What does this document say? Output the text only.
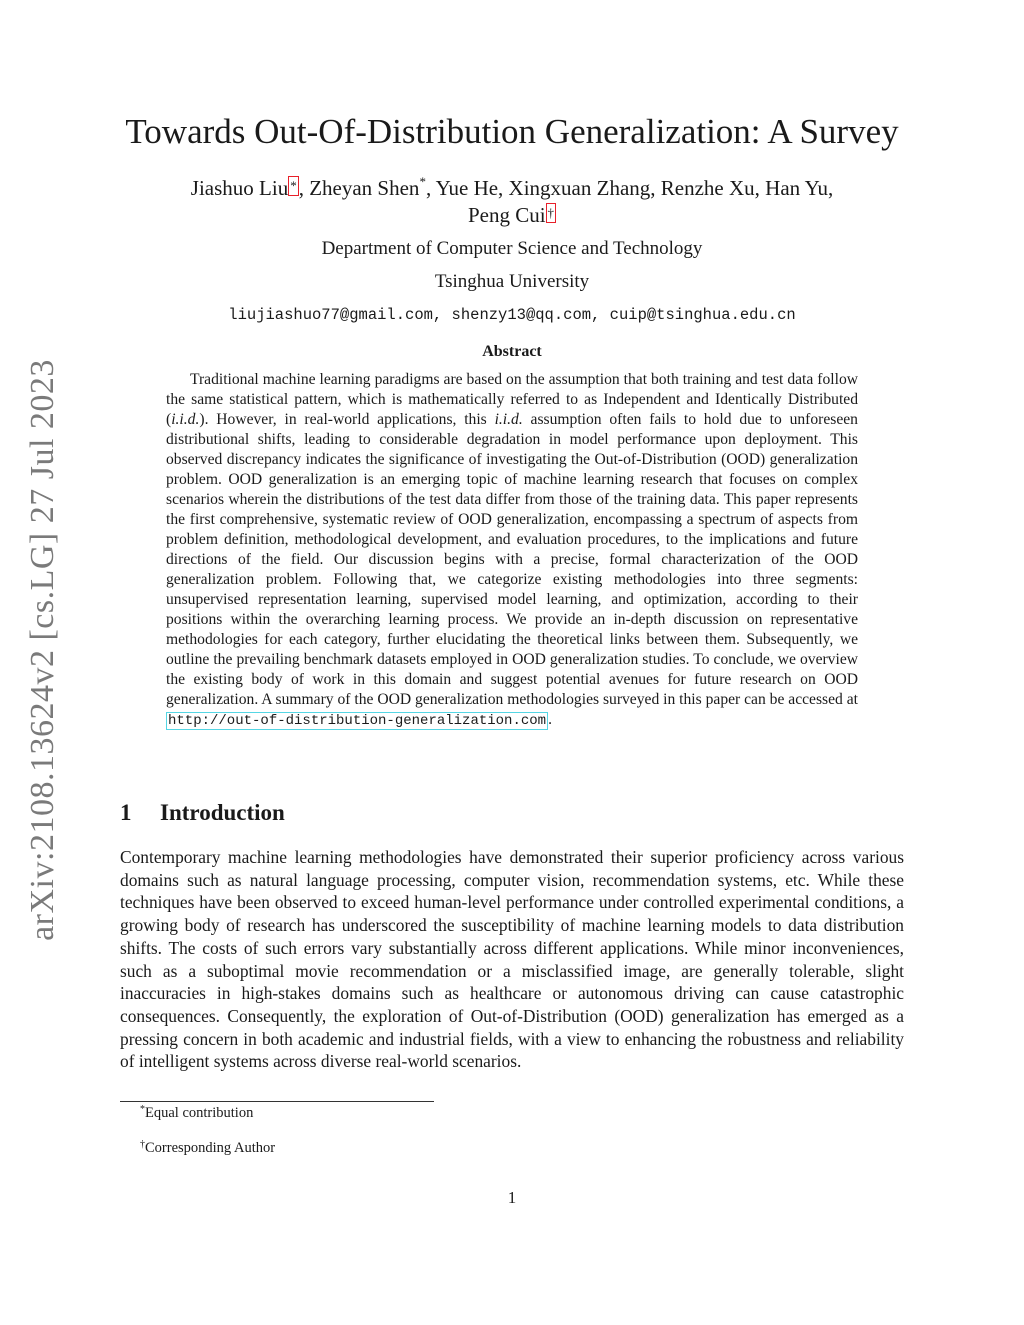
arXiv:2108.13624v2 [cs.LG] 27 Jul 2023
Towards Out-Of-Distribution Generalization: A Survey
Jiashuo Liu *, Zheyan Shen*, Yue He, Xingxuan Zhang, Renzhe Xu, Han Yu,
Peng Cui †
Department of Computer Science and Technology
Tsinghua University
liujiashuo77@gmail.com, shenzy13@qq.com, cuip@tsinghua.edu.cn
Abstract

Traditional machine learning paradigms are based on the assumption that both training and test data follow the same statistical pattern, which is mathematically referred to as Independent and Identically Distributed (i.i.d.). However, in real-world applications, this i.i.d. assumption often fails to hold due to unforeseen distributional shifts, leading to considerable degradation in model performance upon deployment. This observed discrepancy indicates the significance of investigating the Out-of-Distribution (OOD) generalization problem. OOD generalization is an emerging topic of machine learning research that focuses on complex scenarios wherein the distributions of the test data differ from those of the training data. This paper represents the first comprehensive, systematic review of OOD generalization, encompassing a spectrum of aspects from problem definition, methodological development, and evaluation procedures, to the implications and future directions of the field. Our discussion begins with a precise, formal characterization of the OOD generalization problem. Following that, we categorize existing methodologies into three segments: unsupervised representation learning, supervised model learning, and optimization, according to their positions within the overarching learning process. We provide an in-depth discussion on representative methodologies for each category, further elucidating the theoretical links between them. Subsequently, we outline the prevailing benchmark datasets employed in OOD generalization studies. To conclude, we overview the existing body of work in this domain and suggest potential avenues for future research on OOD generalization. A summary of the OOD generalization methodologies surveyed in this paper can be accessed at http://out-of-distribution-generalization.com .

1 Introduction

Contemporary machine learning methodologies have demonstrated their superior proficiency across various domains such as natural language processing, computer vision, recommendation systems, etc. While these techniques have been observed to exceed human-level performance under controlled experimental conditions, a growing body of research has underscored the susceptibility of machine learning models to data distribution shifts. The costs of such errors vary substantially across different applications. While minor inconveniences, such as a suboptimal movie recommendation or a misclassified image, are generally tolerable, slight inaccuracies in high-stakes domains such as healthcare or autonomous driving can cause catastrophic consequences. Consequently, the exploration of Out-of-Distribution (OOD) generalization has emerged as a pressing concern in both academic and industrial fields, with a view to enhancing the robustness and reliability of intelligent systems across diverse real-world scenarios.

*Equal contribution
†Corresponding Author
1
